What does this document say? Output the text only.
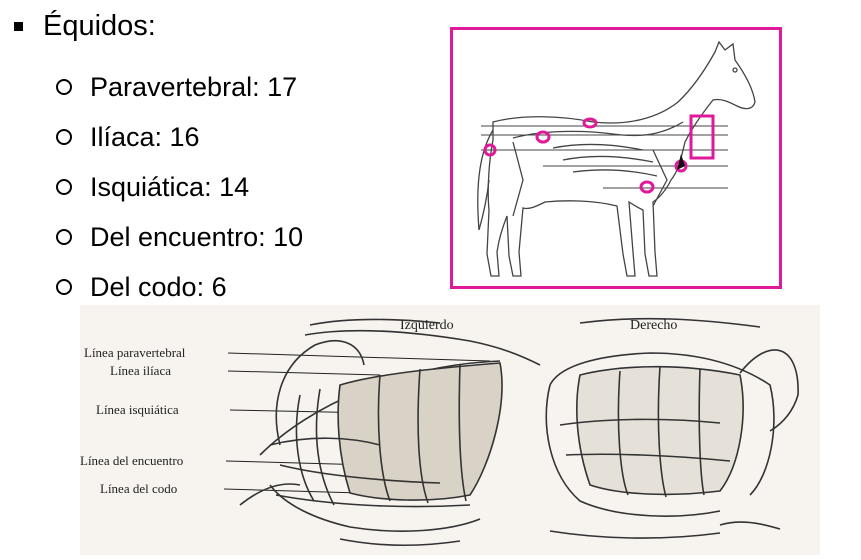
Équidos:
Paravertebral: 17
Ilíaca: 16
Isquiática: 14
Del encuentro: 10
Del codo: 6
Izquierdo	Derecho
Línea paravertebral
Línea ilíaca
Línea isquiática
Línea del encuentro
Línea del codo
